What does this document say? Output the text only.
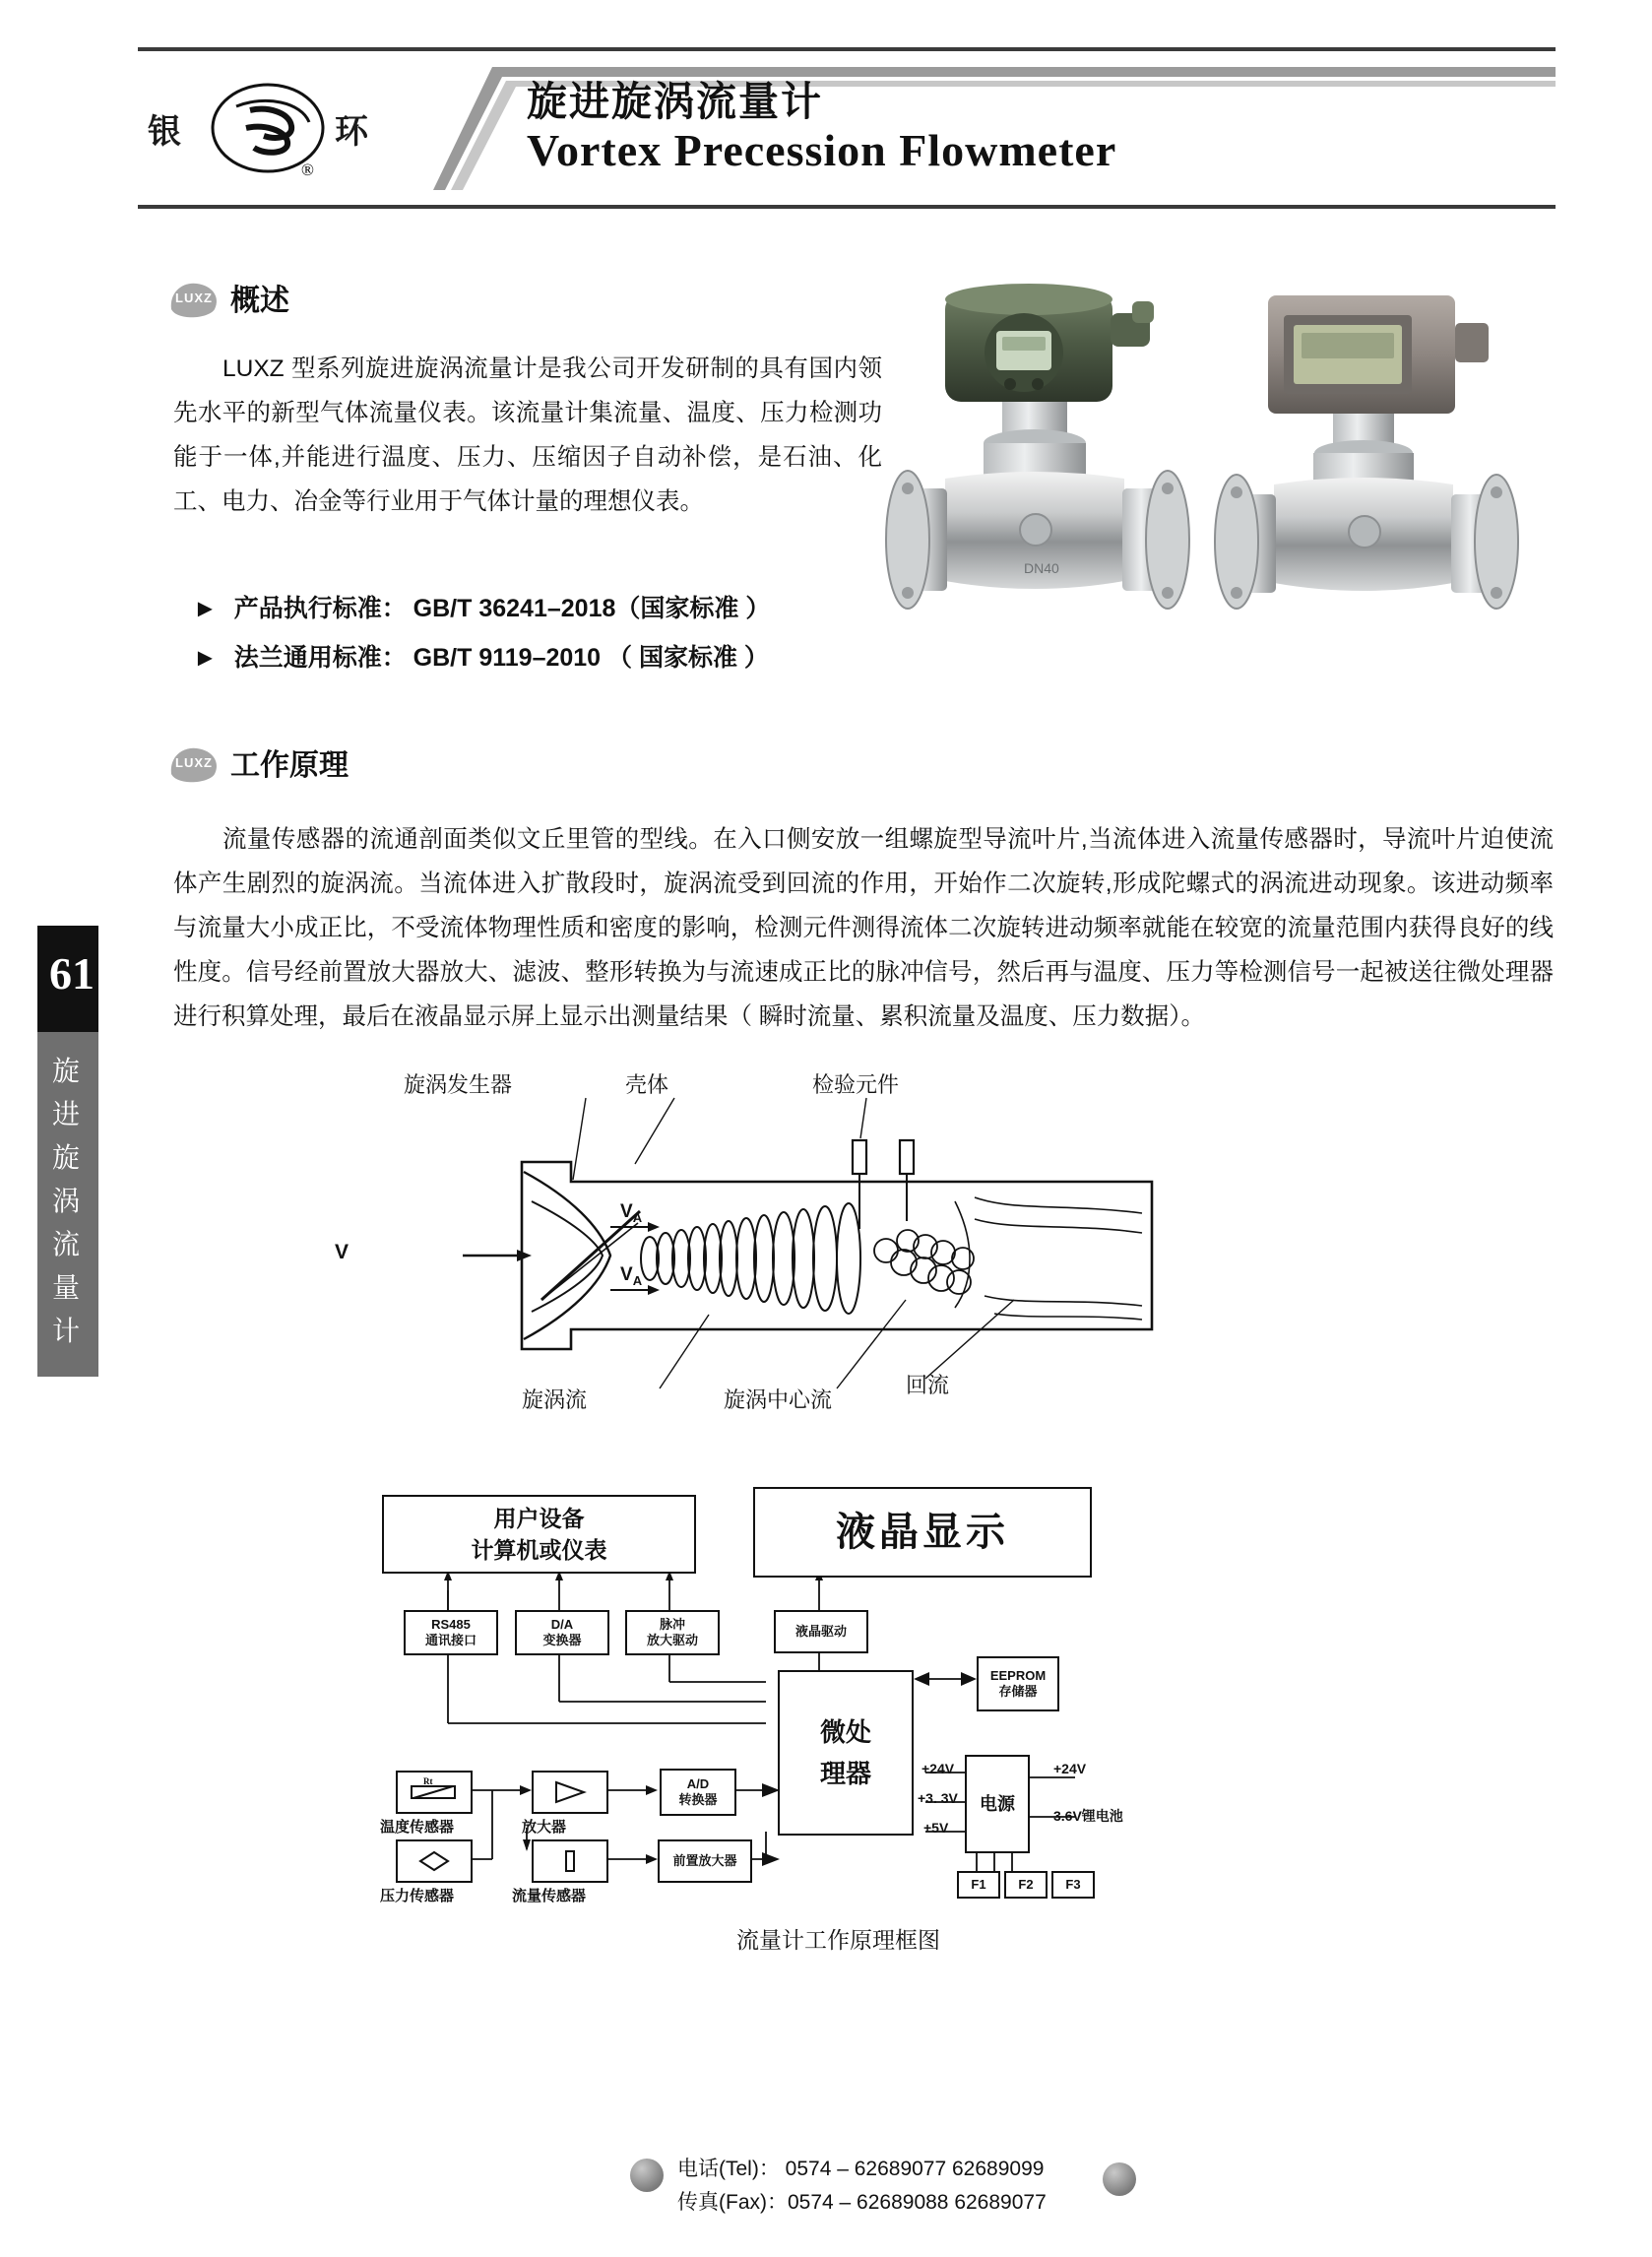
银	环
®
旋进旋涡流量计
Vortex Precession Flowmeter
61
旋进旋涡流量计
LUXZ 概述
LUXZ 型系列旋进旋涡流量计是我公司开发研制的具有国内领先水平的新型气体流量仪表。该流量计集流量、温度、压力检测功能于一体,并能进行温度、压力、压缩因子自动补偿，是石油、化工、电力、冶金等行业用于气体计量的理想仪表。
► 产品执行标准： GB/T 36241–2018（国家标准 ）
► 法兰通用标准： GB/T 9119–2010 （ 国家标准 ）
DN40
LUXZ 工作原理
流量传感器的流通剖面类似文丘里管的型线。在入口侧安放一组螺旋型导流叶片,当流体进入流量传感器时，导流叶片迫使流体产生剧烈的旋涡流。当流体进入扩散段时，旋涡流受到回流的作用，开始作二次旋转,形成陀螺式的涡流进动现象。该进动频率与流量大小成正比，不受流体物理性质和密度的影响，检测元件测得流体二次旋转进动频率就能在较宽的流量范围内获得良好的线性度。信号经前置放大器放大、滤波、整形转换为与流速成正比的脉冲信号，然后再与温度、压力等检测信号一起被送往微处理器进行积算处理，最后在液晶显示屏上显示出测量结果（ 瞬时流量、累积流量及温度、压力数据）。
旋涡发生器	壳体	检验元件
旋涡流	旋涡中心流
回流
V
$V_A$
$V_A$
用户设备
计算机或仪表	液晶显示
RS485
通讯接口
D/A
变换器
脉冲
放大驱动
液晶驱动
EEPROM
存储器
微处
理器
A/D
转换器
放大器
流量传感器
前置放大器
Rt
温度传感器
压力传感器
电源
+24V
+3. 3V
+5V
+24V
3.6V锂电池
F1	F2	F3
流量计工作原理框图
电话(Tel)： 0574 – 62689077 62689099
传真(Fax)：0574 – 62689088 62689077
